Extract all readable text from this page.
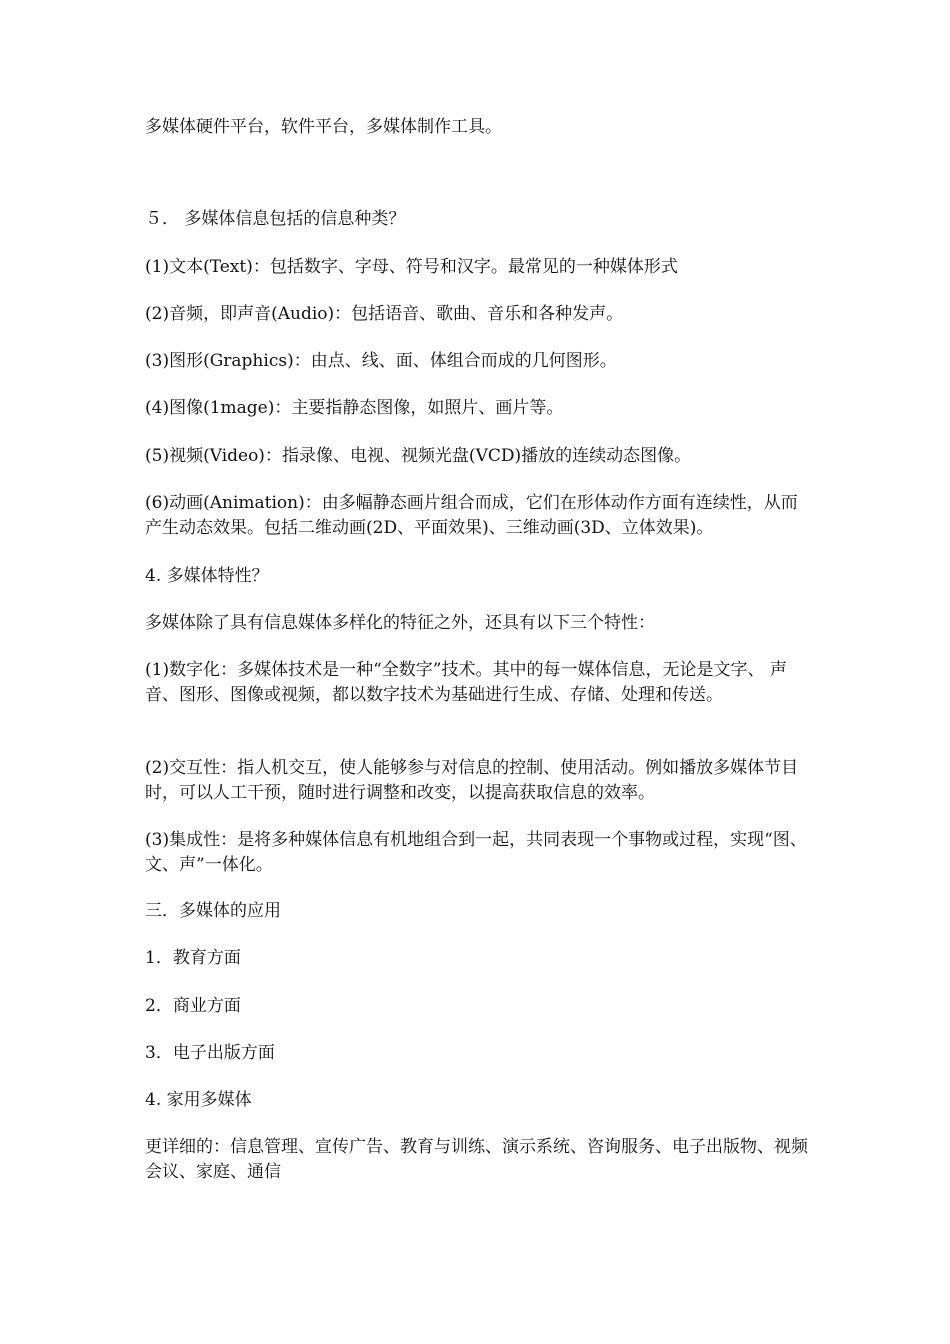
多媒体硬件平台，软件平台，多媒体制作工具。
５． 多媒体信息包括的信息种类？
(1)文本(Text)：包括数字、字母、符号和汉字。最常见的一种媒体形式
(2)音频，即声音(Audio)：包括语音、歌曲、音乐和各种发声。
(3)图形(Graphics)：由点、线、面、体组合而成的几何图形。
(4)图像(1mage)：主要指静态图像，如照片、画片等。
(5)视频(Video)：指录像、电视、视频光盘(VCD)播放的连续动态图像。
(6)动画(Animation)：由多幅静态画片组合而成，它们在形体动作方面有连续性，从而 产生动态效果。包括二维动画(2D、平面效果)、三维动画(3D、立体效果)。
4. 多媒体特性？
多媒体除了具有信息媒体多样化的特征之外，还具有以下三个特性：
(1)数字化：多媒体技术是一种“全数字”技术。其中的每一媒体信息，无论是文字、 声音、图形、图像或视频，都以数字技术为基础进行生成、存储、处理和传送。
(2)交互性：指人机交互，使人能够参与对信息的控制、使用活动。例如播放多媒体节目 时，可以人工干预，随时进行调整和改变，以提高获取信息的效率。
(3)集成性：是将多种媒体信息有机地组合到一起，共同表现一个事物或过程，实现“图、 文、声”一体化。
三．多媒体的应用
1．教育方面
2．商业方面
3．电子出版方面
4. 家用多媒体
更详细的：信息管理、宣传广告、教育与训练、演示系统、咨询服务、电子出版物、视频会议、家庭、通信
